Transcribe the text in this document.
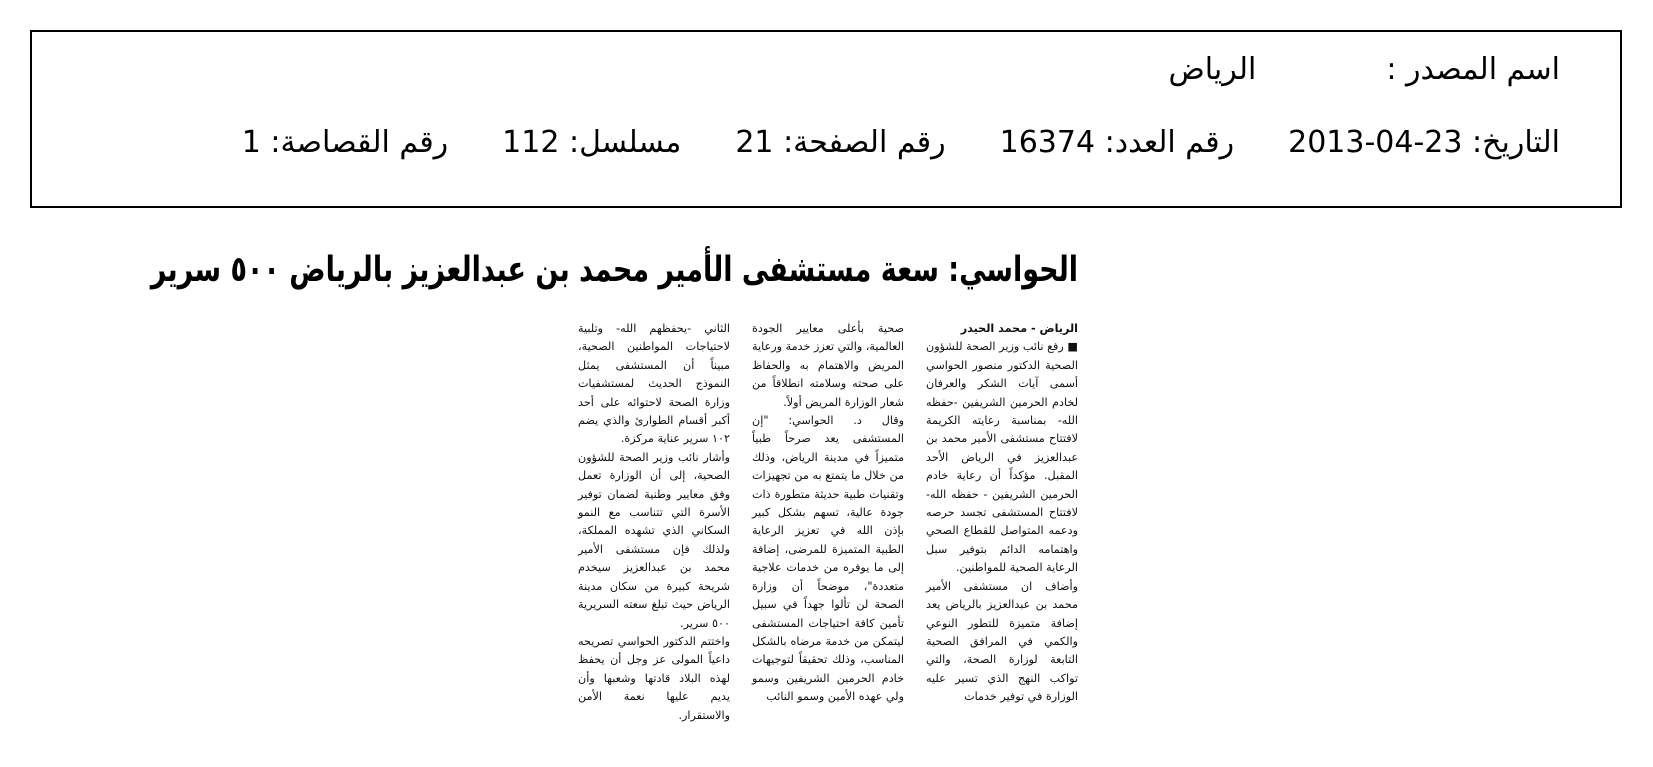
اسم المصدر :الرياض
التاريخ: 2013-04-23رقم العدد: 16374رقم الصفحة: 21مسلسل: 112رقم القصاصة: 1
الحواسي: سعة مستشفى الأمير محمد بن عبدالعزيز بالرياض ٥٠٠ سرير
الرياض - محمد الحيدر
■ رفع نائب وزير الصحة للشؤون الصحية الدكتور منصور الحواسي أسمى آيات الشكر والعرفان لخادم الحرمين الشريفين -حفظه الله- بمناسبة رعايته الكريمة لافتتاح مستشفى الأمير محمد بن عبدالعزيز في الرياض الأحد المقبل. مؤكداً أن رعاية خادم الحرمين الشريفين - حفظه الله- لافتتاح المستشفى تجسد حرصه ودعمه المتواصل للقطاع الصحي واهتمامه الدائم بتوفير سبل الرعاية الصحية للمواطنين.
وأضاف ان مستشفى الأمير محمد بن عبدالعزيز بالرياض يعد إضافة متميزة للتطور النوعي والكمي في المرافق الصحية التابعة لوزارة الصحة، والتي تواكب النهج الذي تسير عليه الوزارة في توفير خدمات
صحية بأعلى معايير الجودة العالمية، والتي تعزز خدمة ورعاية المريض والاهتمام به والحفاظ على صحته وسلامته انطلاقاً من شعار الوزارة المريض أولاً.
وقال د. الحواسي: "إن المستشفى يعد صرحاً طبياً متميزاً في مدينة الرياض، وذلك من خلال ما يتمتع به من تجهيزات وتقنيات طبية حديثة متطورة ذات جودة عالية، تسهم بشكل كبير بإذن الله في تعزيز الرعاية الطبية المتميزة للمرضى، إضافة إلى ما يوفره من خدمات علاجية متعددة"، موضحاً أن وزارة الصحة لن تألوا جهداً في سبيل تأمين كافة احتياجات المستشفى ليتمكن من خدمة مرضاه بالشكل المناسب، وذلك تحقيقاً لتوجيهات خادم الحرمين الشريفين وسمو ولي عهده الأمين وسمو النائب
الثاني -يحفظهم الله- وتلبية لاحتياجات المواطنين الصحية، مبيناً أن المستشفى يمثل النموذج الحديث لمستشفيات وزارة الصحة لاحتوائه على أحد أكبر أقسام الطوارئ والذي يضم ١٠٢ سرير عناية مركزة.
وأشار نائب وزير الصحة للشؤون الصحية، إلى أن الوزارة تعمل وفق معايير وطنية لضمان توفير الأسرة التي تتناسب مع النمو السكاني الذي تشهده المملكة، ولذلك فإن مستشفى الأمير محمد بن عبدالعزيز سيخدم شريحة كبيرة من سكان مدينة الرياض حيث تبلغ سعته السريرية ٥٠٠ سرير.
واختتم الدكتور الحواسي تصريحه داعياً المولى عز وجل أن يحفظ لهذه البلاد قادتها وشعبها وأن يديم عليها نعمة الأمن والاستقرار.
